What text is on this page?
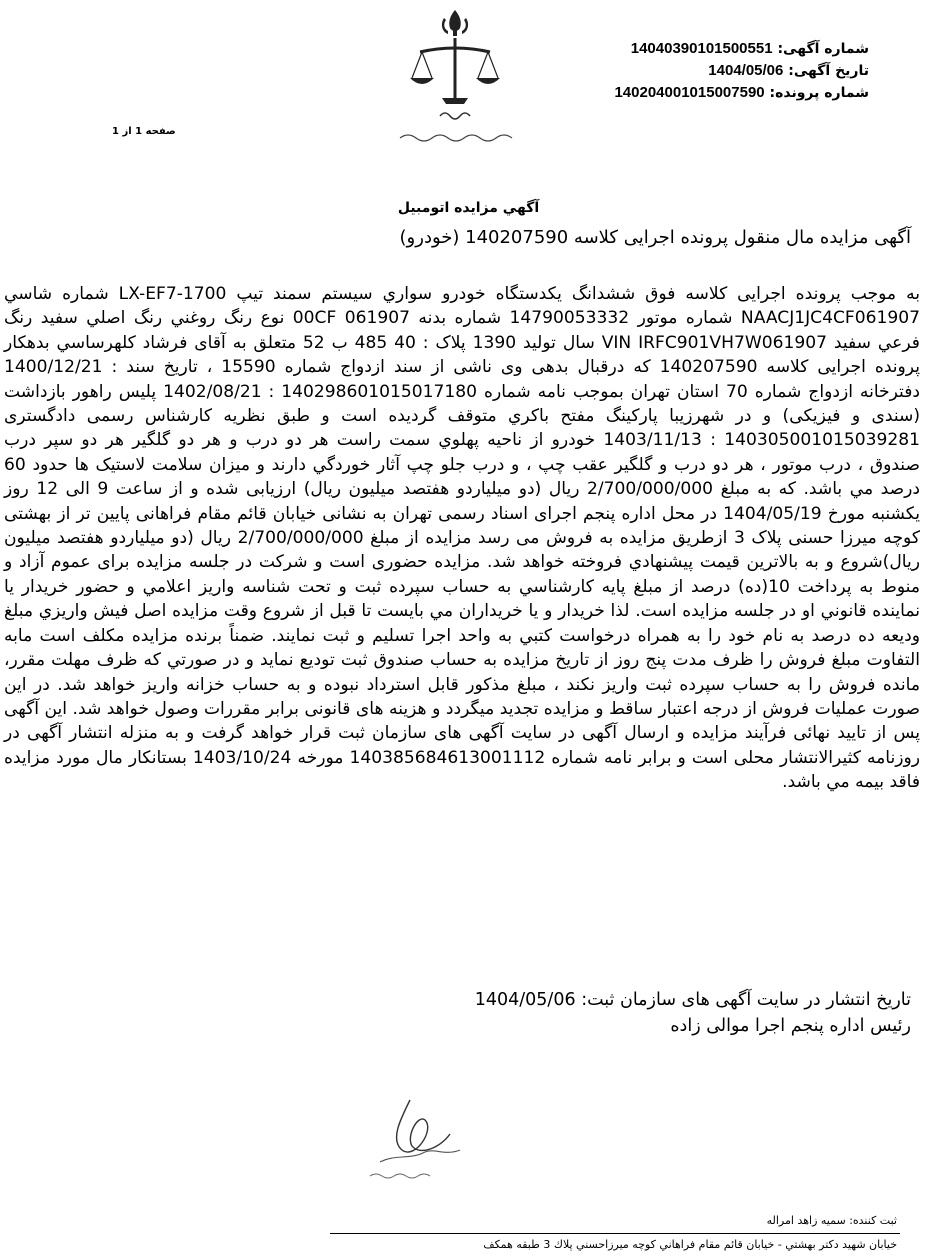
شماره آگهی: 14040390101500551
تاریخ آگهی: 1404/05/06
شماره پرونده: 140204001015007590
صفحه 1 از 1
آگهي مزايده اتومبيل
آگهی مزایده مال منقول پرونده اجرایی کلاسه 140207590 (خودرو)
به موجب پرونده اجرایی کلاسه فوق ششدانگ يكدستگاه خودرو سواري سيستم سمند تيپ LX-EF7-1700 شماره شاسي NAACJ1JC4CF061907 شماره موتور 14790053332 شماره بدنه 00CF 061907 نوع رنگ روغني رنگ اصلي سفيد رنگ فرعي سفيد VIN IRFC901VH7W061907 سال توليد 1390 پلاک : 40 485 ب 52 متعلق به آقای فرشاد کلهرساسي بدهکار پرونده اجرایی کلاسه 140207590 که درقبال بدهی وی ناشی از سند ازدواج شماره 15590 ، تاریخ سند : 1400/12/21 دفترخانه ازدواج شماره 70 استان تهران بموجب نامه شماره 140298601015017180 : 1402/08/21 پلیس راهور بازداشت (سندی و فیزیکی) و در شهرزيبا پاركينگ مفتح باكري متوقف گرديده است و طبق نظریه کارشناس رسمی دادگستری 140305001015039281 : 1403/11/13 خودرو از ناحيه پهلوي سمت راست هر دو درب و هر دو گلگير هر دو سپر درب صندوق ، درب موتور ، هر دو درب و گلگير عقب چپ ، و درب جلو چپ آثار خوردگي دارند و ميزان سلامت لاستيک ها حدود 60 درصد مي باشد. که به مبلغ 2/700/000/000 ریال (دو میلیاردو هفتصد میلیون ریال) ارزیابی شده و از ساعت 9 الی 12 روز یکشنبه مورخ 1404/05/19 در محل اداره پنجم اجرای اسناد رسمی تهران به نشانی خيابان قائم مقام فراهانی پایین تر از بهشتی کوچه میرزا حسنی پلاک 3 ازطریق مزایده به فروش می رسد مزایده از مبلغ 2/700/000/000 ریال (دو میلیاردو هفتصد میلیون ریال)شروع و به بالاترين قيمت پيشنهادي فروخته خواهد شد. مزايده حضوری است و شرکت در جلسه مزایده برای عموم آزاد و منوط به پرداخت 10(ده) درصد از مبلغ پايه كارشناسي به حساب سپرده ثبت و تحت شناسه واريز اعلامي و حضور خريدار يا نماينده قانوني او در جلسه مزایده است. لذا خريدار و يا خريداران مي بايست تا قبل از شروع وقت مزايده اصل فيش واريزي مبلغ وديعه ده درصد به نام خود را به همراه درخواست كتبي به واحد اجرا تسليم و ثبت نمايند. ضمناً برنده مزایده مکلف است مابه التفاوت مبلغ فروش را ظرف مدت پنج روز از تاریخ مزایده به حساب صندوق ثبت توديع نمايد و در صورتي كه ظرف مهلت مقرر، مانده فروش را به حساب سپرده ثبت واريز نكند ، مبلغ مذكور قابل استرداد نبوده و به حساب خزانه واريز خواهد شد. در این صورت عملیات فروش از درجه اعتبار ساقط و مزايده تجديد ميگردد و هزینه های قانونی برابر مقررات وصول خواهد شد. این آگهی پس از تایید نهائی فرآیند مزایده و ارسال آگهی در سایت آگهی های سازمان ثبت قرار خواهد گرفت و به منزله انتشار آگهی در روزنامه كثيرالانتشار محلی است و برابر نامه شماره 140385684613001112 مورخه 1403/10/24 بستانكار مال مورد مزايده فاقد بيمه مي باشد.
تاريخ انتشار در سایت آگهی های سازمان ثبت: 1404/05/06
رئیس اداره پنجم اجرا موالی زاده
ثبت كننده: سميه زاهد امراله
خيابان شهيد دكتر بهشتي - خيابان قائم مقام فراهاني كوچه ميرزاحسني پلاك 3 طبقه همكف
